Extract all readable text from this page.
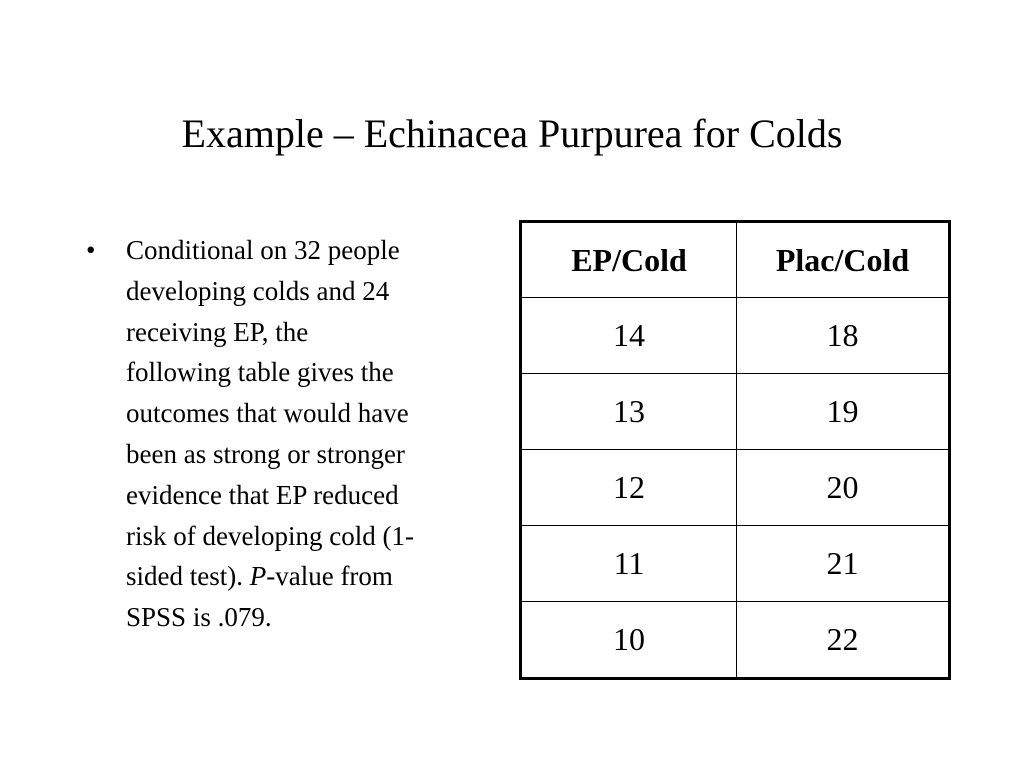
Example – Echinacea Purpurea for Colds
•	Conditional on 32 people
developing colds and 24
receiving EP, the
following table gives the
outcomes that would have
been as strong or stronger
evidence that EP reduced
risk of developing cold (1-
sided test). P-value from
SPSS is .079.
EP/Cold	Plac/Cold
14	18
13	19
12	20
11	21
10	22
